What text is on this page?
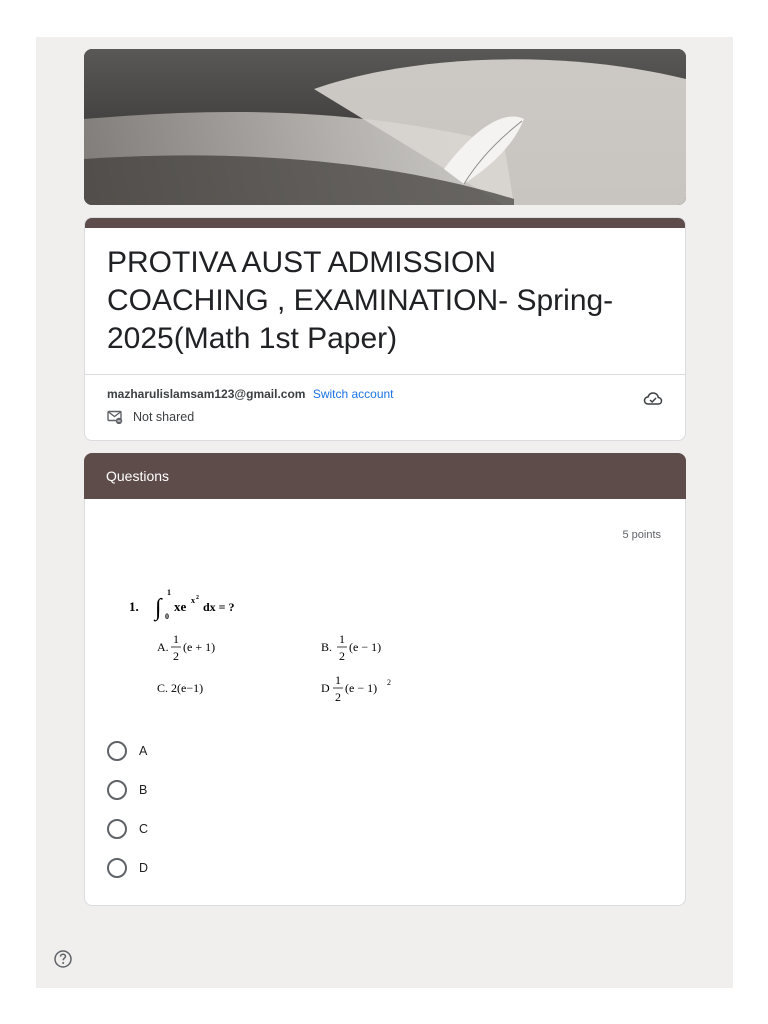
PROTIVA AUST ADMISSION COACHING , EXAMINATION- Spring-2025(Math 1st Paper)
mazharulislamsam123@gmail.com Switch account
Not shared
Questions
5 points
1. ∫
1
0
xe x 2
dx = ?
A.
1
2
(e + 1)	B.
1
2
(e − 1)
C. 2(e−1)	D
1
2
(e − 1) 2
A
B
C
D
